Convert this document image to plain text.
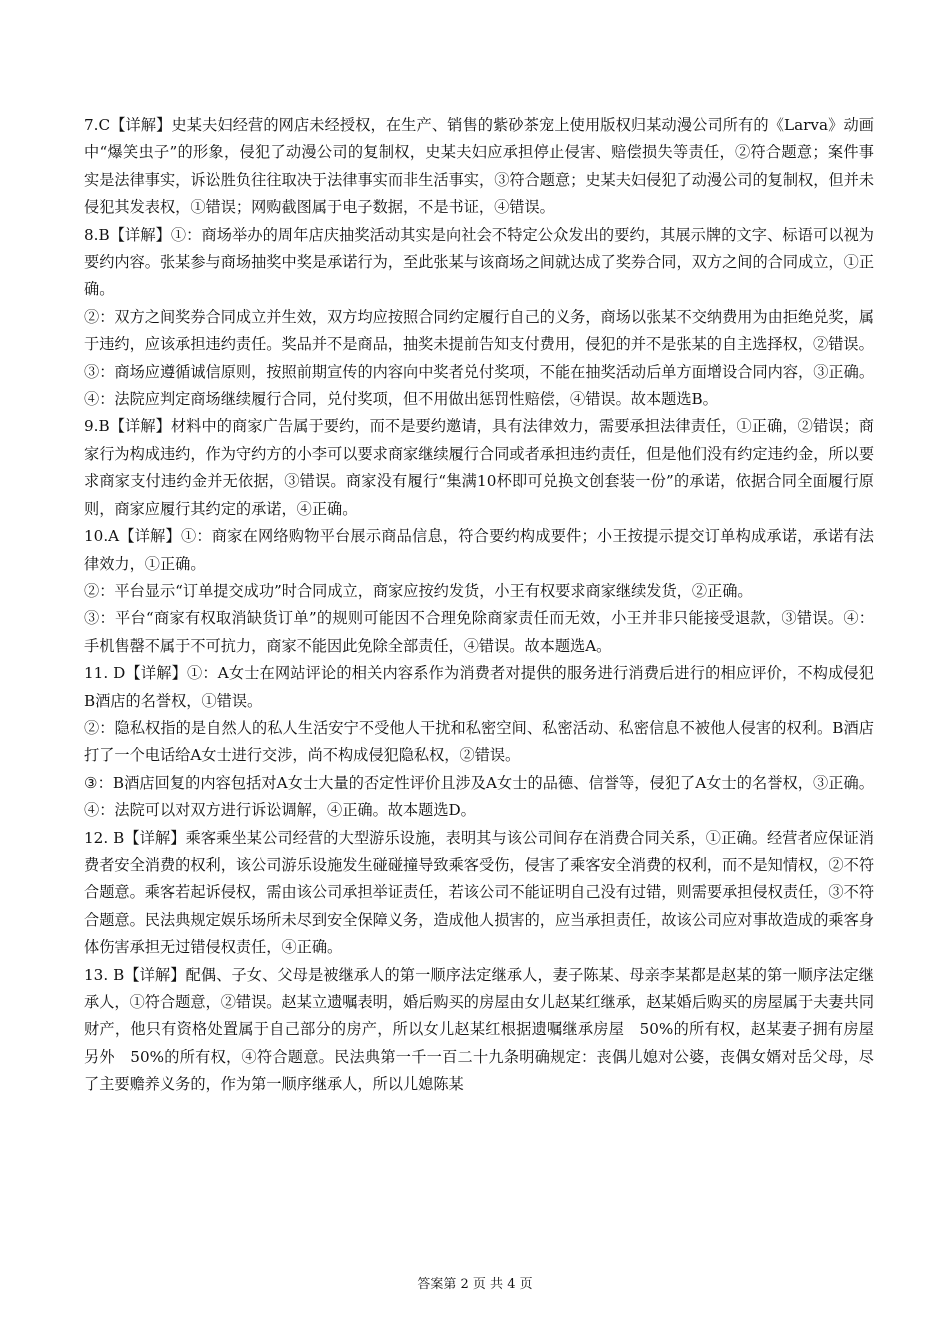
7.C【详解】史某夫妇经营的网店未经授权，在生产、销售的紫砂茶宠上使用版权归某动漫公司所有的《Larva》动画中“爆笑虫子”的形象，侵犯了动漫公司的复制权，史某夫妇应承担停止侵害、赔偿损失等责任，②符合题意；案件事实是法律事实，诉讼胜负往往取决于法律事实而非生活事实，③符合题意；史某夫妇侵犯了动漫公司的复制权，但并未侵犯其发表权，①错误；网购截图属于电子数据，不是书证，④错误。

8.B【详解】①：商场举办的周年店庆抽奖活动其实是向社会不特定公众发出的要约，其展示牌的文字、标语可以视为要约内容。张某参与商场抽奖中奖是承诺行为，至此张某与该商场之间就达成了奖券合同，双方之间的合同成立，①正确。

②：双方之间奖券合同成立并生效，双方均应按照合同约定履行自己的义务，商场以张某不交纳费用为由拒绝兑奖，属于违约，应该承担违约责任。奖品并不是商品，抽奖未提前告知支付费用，侵犯的并不是张某的自主选择权，②错误。

③：商场应遵循诚信原则，按照前期宣传的内容向中奖者兑付奖项，不能在抽奖活动后单方面增设合同内容，③正确。④：法院应判定商场继续履行合同，兑付奖项，但不用做出惩罚性赔偿，④错误。故本题选B。

9.B【详解】材料中的商家广告属于要约，而不是要约邀请，具有法律效力，需要承担法律责任，①正确，②错误；商家行为构成违约，作为守约方的小李可以要求商家继续履行合同或者承担违约责任，但是他们没有约定违约金，所以要求商家支付违约金并无依据，③错误。商家没有履行“集满10杯即可兑换文创套装一份”的承诺，依据合同全面履行原则，商家应履行其约定的承诺，④正确。

10.A【详解】①：商家在网络购物平台展示商品信息，符合要约构成要件；小王按提示提交订单构成承诺，承诺有法律效力，①正确。

②：平台显示“订单提交成功”时合同成立，商家应按约发货，小王有权要求商家继续发货，②正确。

③：平台“商家有权取消缺货订单”的规则可能因不合理免除商家责任而无效，小王并非只能接受退款，③错误。④：手机售罄不属于不可抗力，商家不能因此免除全部责任，④错误。故本题选A。

11. D【详解】①：A女士在网站评论的相关内容系作为消费者对提供的服务进行消费后进行的相应评价，不构成侵犯B酒店的名誉权，①错误。

②：隐私权指的是自然人的私人生活安宁不受他人干扰和私密空间、私密活动、私密信息不被他人侵害的权利。B酒店打了一个电话给A女士进行交涉，尚不构成侵犯隐私权，②错误。

③：B酒店回复的内容包括对A女士大量的否定性评价且涉及A女士的品德、信誉等，侵犯了A女士的名誉权，③正确。④：法院可以对双方进行诉讼调解，④正确。故本题选D。

12. B【详解】乘客乘坐某公司经营的大型游乐设施，表明其与该公司间存在消费合同关系，①正确。经营者应保证消费者安全消费的权利，该公司游乐设施发生碰碰撞导致乘客受伤，侵害了乘客安全消费的权利，而不是知情权，②不符合题意。乘客若起诉侵权，需由该公司承担举证责任，若该公司不能证明自己没有过错，则需要承担侵权责任，③不符合题意。民法典规定娱乐场所未尽到安全保障义务，造成他人损害的，应当承担责任，故该公司应对事故造成的乘客身体伤害承担无过错侵权责任，④正确。

13. B【详解】配偶、子女、父母是被继承人的第一顺序法定继承人，妻子陈某、母亲李某都是赵某的第一顺序法定继承人，①符合题意，②错误。赵某立遗嘱表明，婚后购买的房屋由女儿赵某红继承，赵某婚后购买的房屋属于夫妻共同财产，他只有资格处置属于自己部分的房产，所以女儿赵某红根据遗嘱继承房屋　50%的所有权，赵某妻子拥有房屋另外　50%的所有权，④符合题意。民法典第一千一百二十九条明确规定：丧偶儿媳对公婆，丧偶女婿对岳父母，尽了主要赡养义务的，作为第一顺序继承人，所以儿媳陈某

答案第 2 页 共 4 页
